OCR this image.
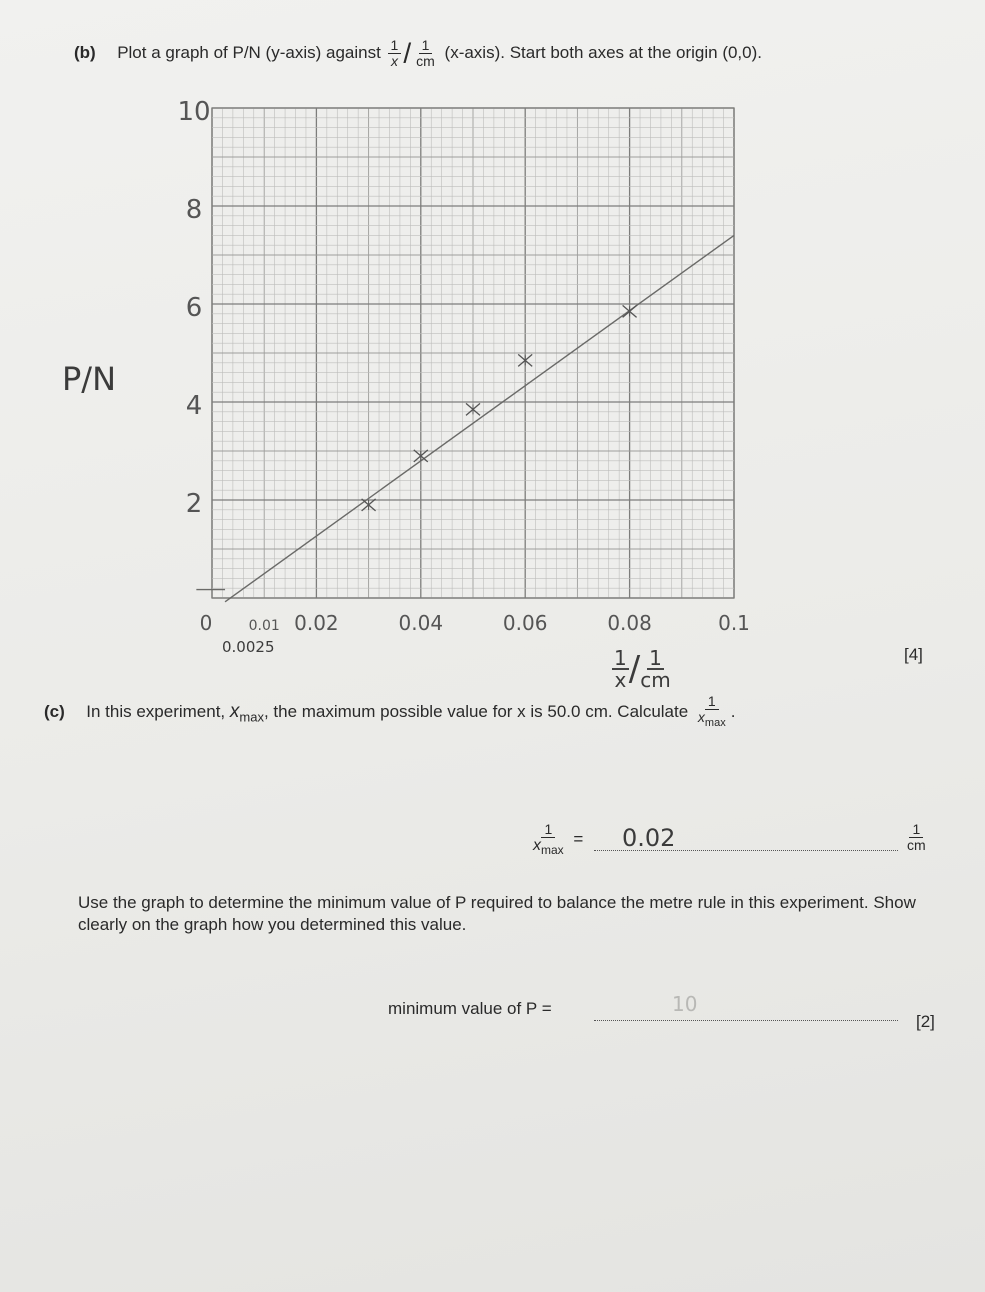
(b) Plot a graph of P/N (y-axis) against $\frac{1}{x} / \frac{1}{cm}$ (x-axis). Start both axes at the origin (0,0).
0	0.01 0.02	0.04	0.06	0.08	0.1
2
4
6
8
10
P/N
0.0025
$\frac{1}{x} / \frac{1}{cm}$	[4]
(c) In this experiment, $x_{max}$, the maximum possible value for x is 50.0 cm. Calculate $\frac{1}{x_{max}}$ .
$\frac{1}{x_{max}} = 0.02$	$\frac{1}{cm}$
Use the graph to determine the minimum value of P required to balance the metre rule in this experiment. Show clearly on the graph how you determined this value.
minimum value of P =	10
[2]
